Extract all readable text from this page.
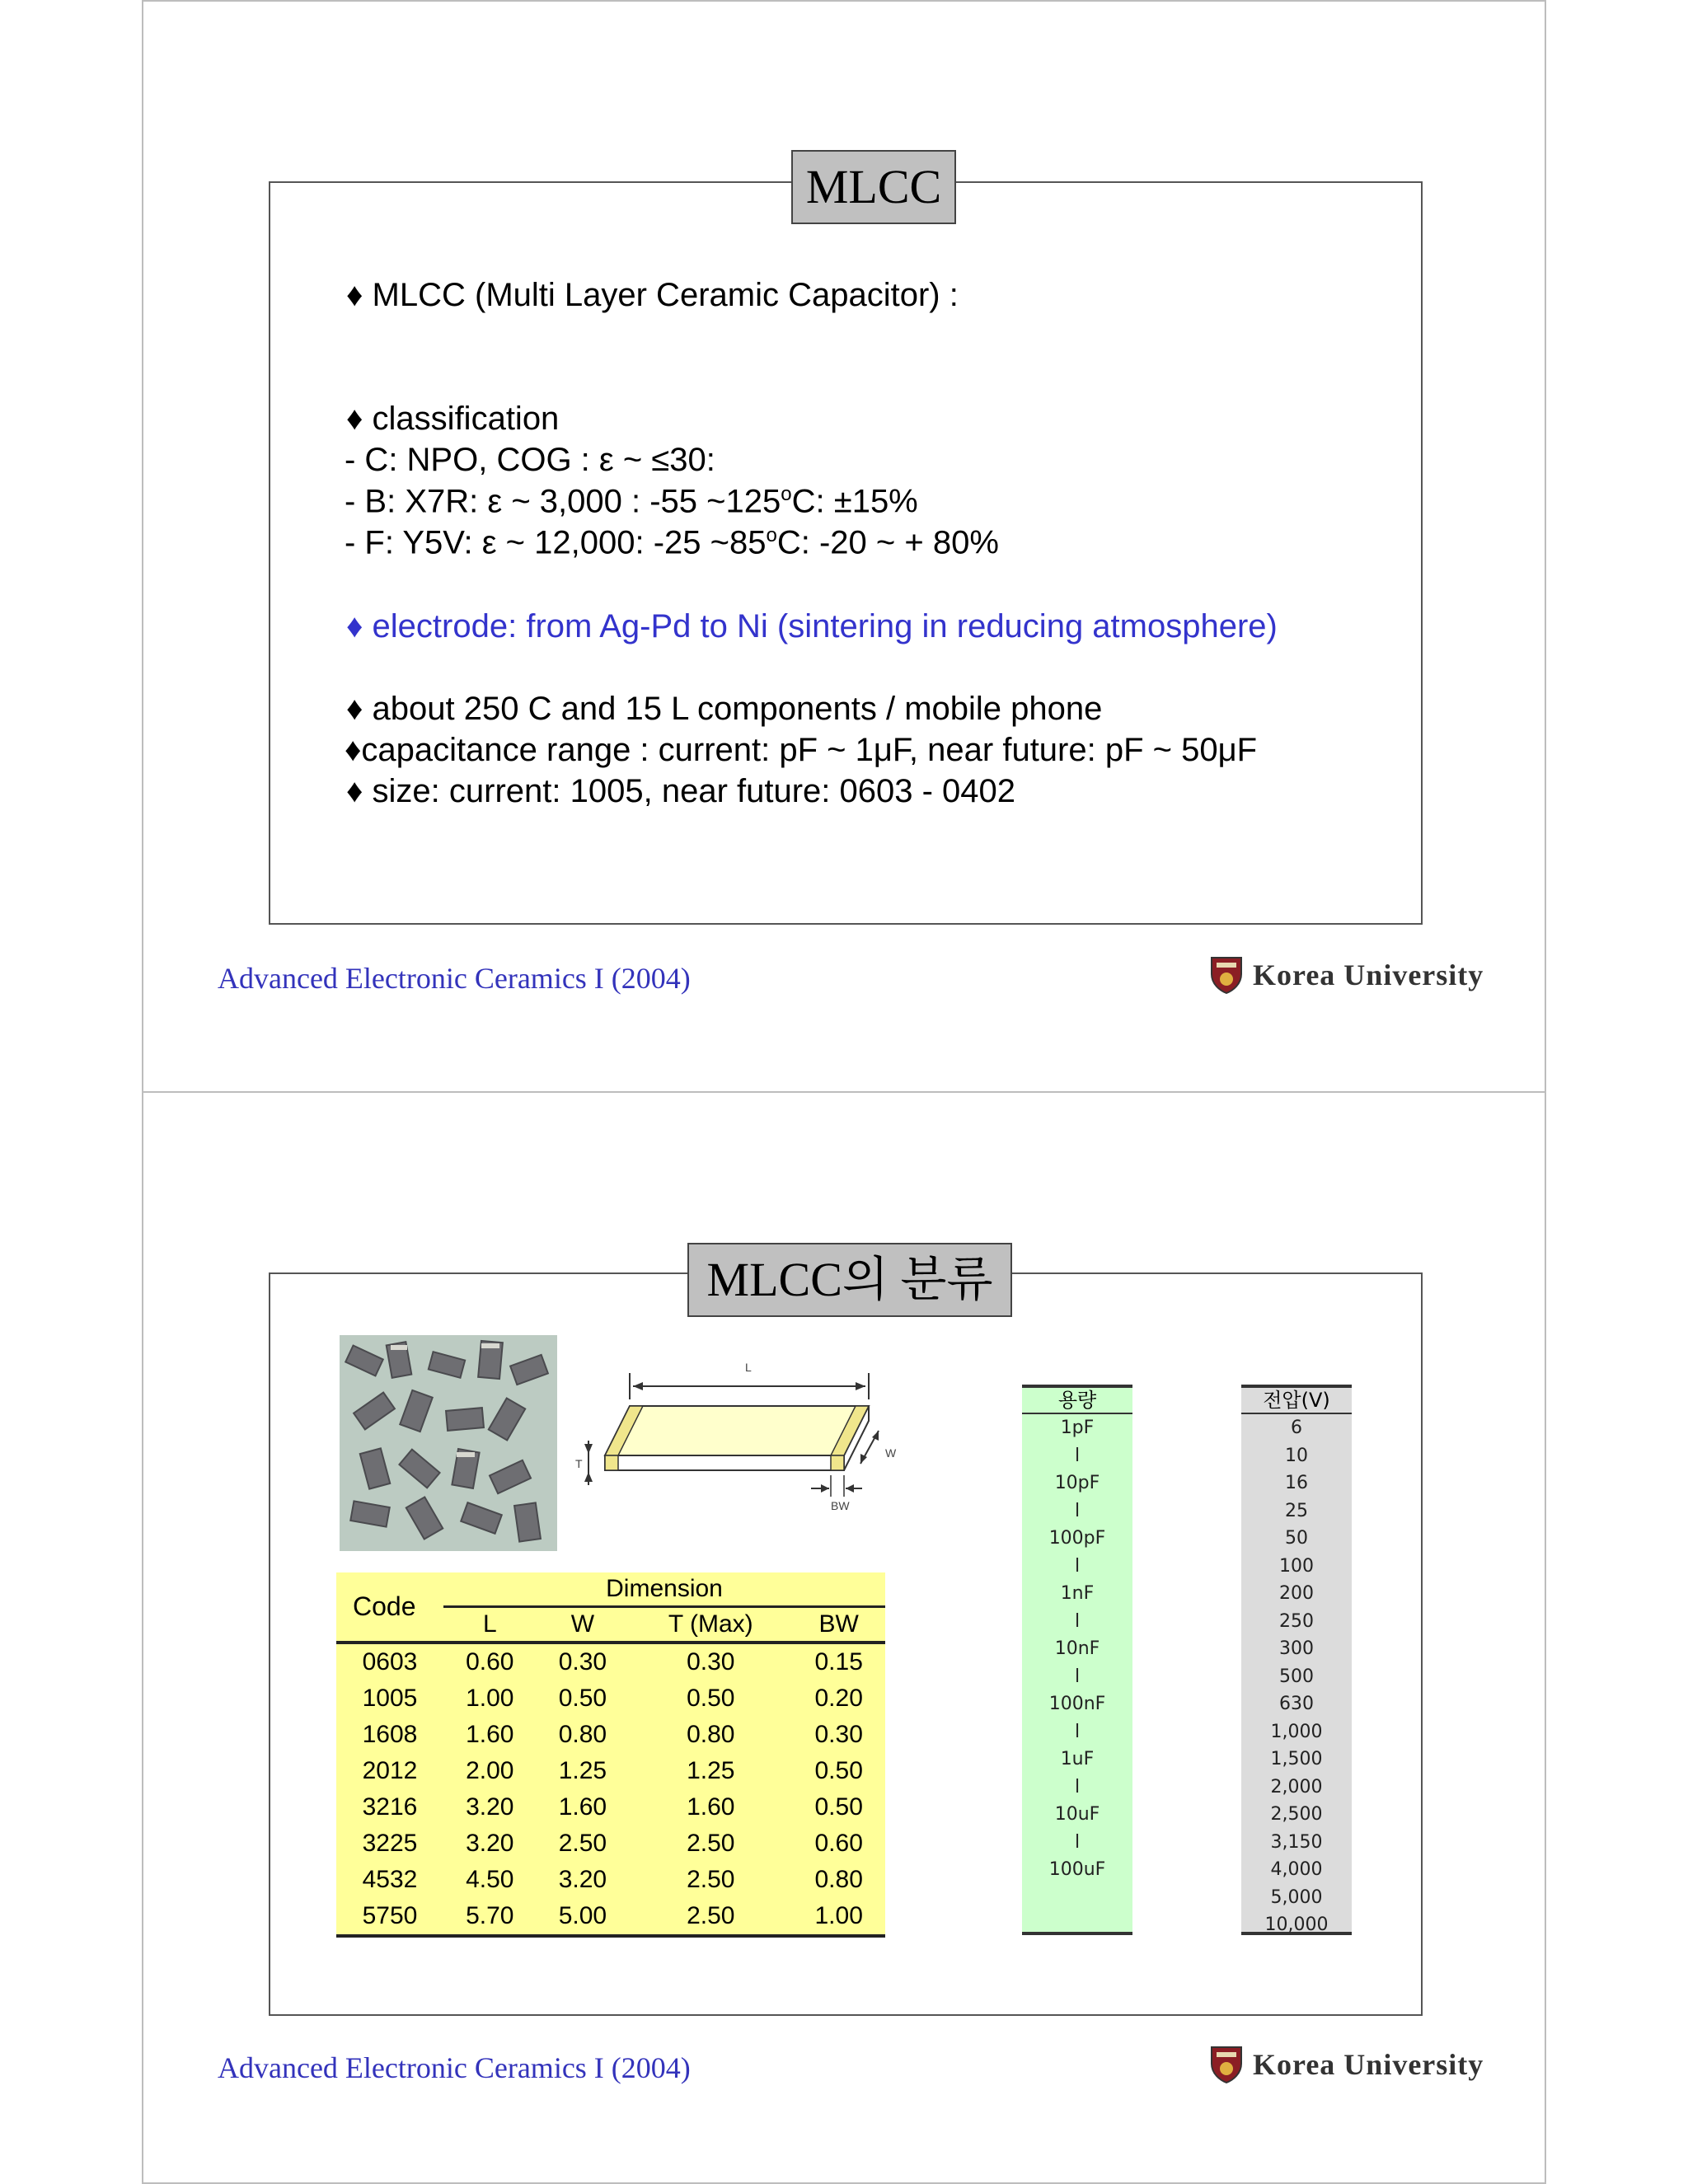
MLCC
♦ MLCC (Multi Layer Ceramic Capacitor) :
♦ classification
- C: NPO, COG : ε ~ ≤30:
- B: X7R: ε ~ 3,000 : -55 $\sim 125^oC$: ±15%
- F: Y5V: ε ~ 12,000: -25 ~85$^o$C: -20 ~ + 80%
♦ electrode: from Ag-Pd to Ni (sintering in reducing atmosphere)
♦ about 250 C and 15 L components / mobile phone
♦capacitance range : current: pF ~ 1μF, near future: pF ~ 50μF
♦ size: current: 1005, near future: 0603 - 0402
Advanced Electronic Ceramics I (2004)	Korea University
MLCC의 분류
L
W
T
BW
Code	Dimension			
	L	W	T (Max)	BW
0603	0.60	0.30	0.30	0.15
1005	1.00	0.50	0.50	0.20
1608	1.60	0.80	0.80	0.30
2012	2.00	1.25	1.25	0.50
3216	3.20	1.60	1.60	0.50
3225	3.20	2.50	2.50	0.60
4532	4.50	3.20	2.50	0.80
5750	5.70	5.00	2.50	1.00
용량
1pF
l
10pF
l
100pF
l
1nF
l
10nF
l
100nF
l
1uF
l
10uF
l
100uF
전압(V)
6
10
16
25
50
100
200
250
300
500
630
1,000
1,500
2,000
2,500
3,150
4,000
5,000
10,000
Advanced Electronic Ceramics I (2004)	Korea University
